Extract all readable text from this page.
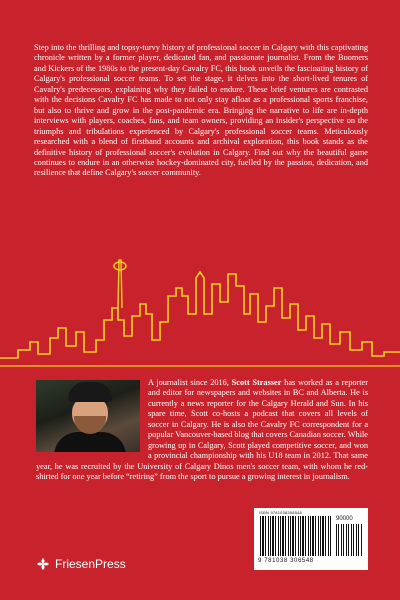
Step into the thrilling and topsy-turvy history of professional soccer in Calgary with this captivating chronicle written by a former player, dedicated fan, and passionate journalist. From the Boomers and Kickers of the 1980s to the present-day Cavalry FC, this book unveils the fascinating history of Calgary's professional soccer teams. To set the stage, it delves into the short-lived tenures of Cavalry's predecessors, explaining why they failed to endure. These brief ventures are contrasted with the decisions Cavalry FC has made to not only stay afloat as a professional sports franchise, but also to thrive and grow in the post-pandemic era. Bringing the narrative to life are in-depth interviews with players, coaches, fans, and team owners, providing an insider's perspective on the triumphs and tribulations experienced by Calgary's professional soccer teams. Meticulously researched with a blend of firsthand accounts and archival exploration, this book stands as the definitive history of professional soccer's evolution in Calgary. Find out why the beautiful game continues to endure in an otherwise hockey-dominated city, fuelled by the passion, dedication, and resilience that define Calgary's soccer community.

A journalist since 2016, Scott Strasser has worked as a reporter and editor for newspapers and websites in BC and Alberta. He is currently a news reporter for the Calgary Herald and Sun. In his spare time, Scott co-hosts a podcast that covers all levels of soccer in Calgary. He is also the Cavalry FC correspondent for a popular Vancouver-based blog that covers Canadian soccer. While growing up in Calgary, Scott played competitive soccer, and won a provincial championship with his U18 team in 2012. That same year, he was recruited by the University of Calgary Dinos men's soccer team, with whom he red-shirted for one year before “retiring” from the sport to pursue a growing interest in journalism.

FriesenPress
ISBN 9781038306548
90000
9 781038 306548
